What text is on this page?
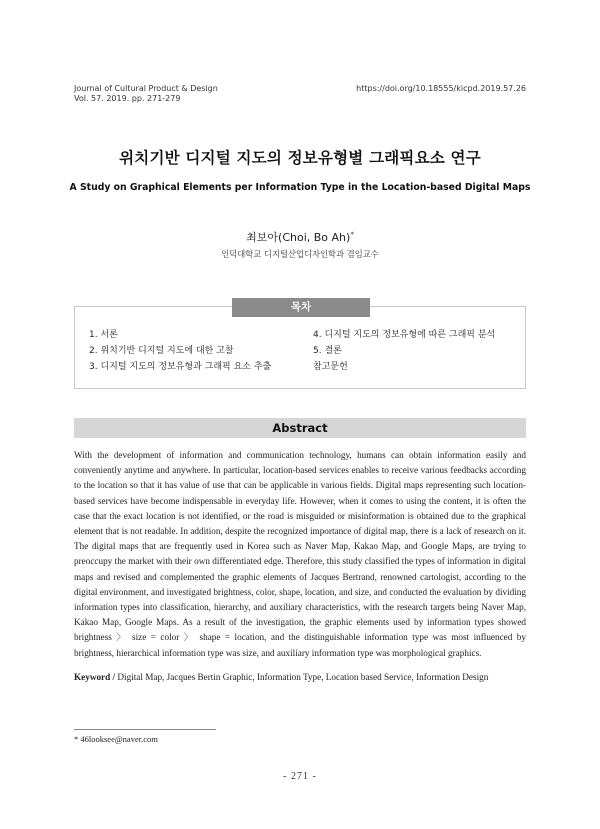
Journal of Cultural Product & Design
Vol. 57. 2019. pp. 271-279
https://doi.org/10.18555/kicpd.2019.57.26
위치기반 디지털 지도의 정보유형별 그래픽요소 연구
A Study on Graphical Elements per Information Type in the Location-based Digital Maps
최보아(Choi, Bo Ah)*
인덕대학교 디지털산업디자인학과 겸임교수
목차
1. 서론
2. 위치기반 디지털 지도에 대한 고찰
3. 디지털 지도의 정보유형과 그래픽 요소 추출
4. 디지털 지도의 정보유형에 따른 그래픽 분석
5. 결론
참고문헌
Abstract
With the development of information and communication technology, humans can obtain information easily and conveniently anytime and anywhere. In particular, location-based services enables to receive various feedbacks according to the location so that it has value of use that can be applicable in various fields. Digital maps representing such location-based services have become indispensable in everyday life. However, when it comes to using the content, it is often the case that the exact location is not identified, or the road is misguided or misinformation is obtained due to the graphical element that is not readable. In addition, despite the recognized importance of digital map, there is a lack of research on it. The digital maps that are frequently used in Korea such as Naver Map, Kakao Map, and Google Maps, are trying to preoccupy the market with their own differentiated edge. Therefore, this study classified the types of information in digital maps and revised and complemented the graphic elements of Jacques Bertrand, renowned cartologist, according to the digital environment, and investigated brightness, color, shape, location, and size, and conducted the evaluation by dividing information types into classification, hierarchy, and auxiliary characteristics, with the research targets being Naver Map, Kakao Map, Google Maps. As a result of the investigation, the graphic elements used by information types showed brightness 〉 size = color 〉 shape = location, and the distinguishable information type was most influenced by brightness, hierarchical information type was size, and auxiliary information type was morphological graphics.
Keyword / Digital Map, Jacques Bertin Graphic, Information Type, Location based Service, Information Design
* 46looksee@naver.com
- 271 -
